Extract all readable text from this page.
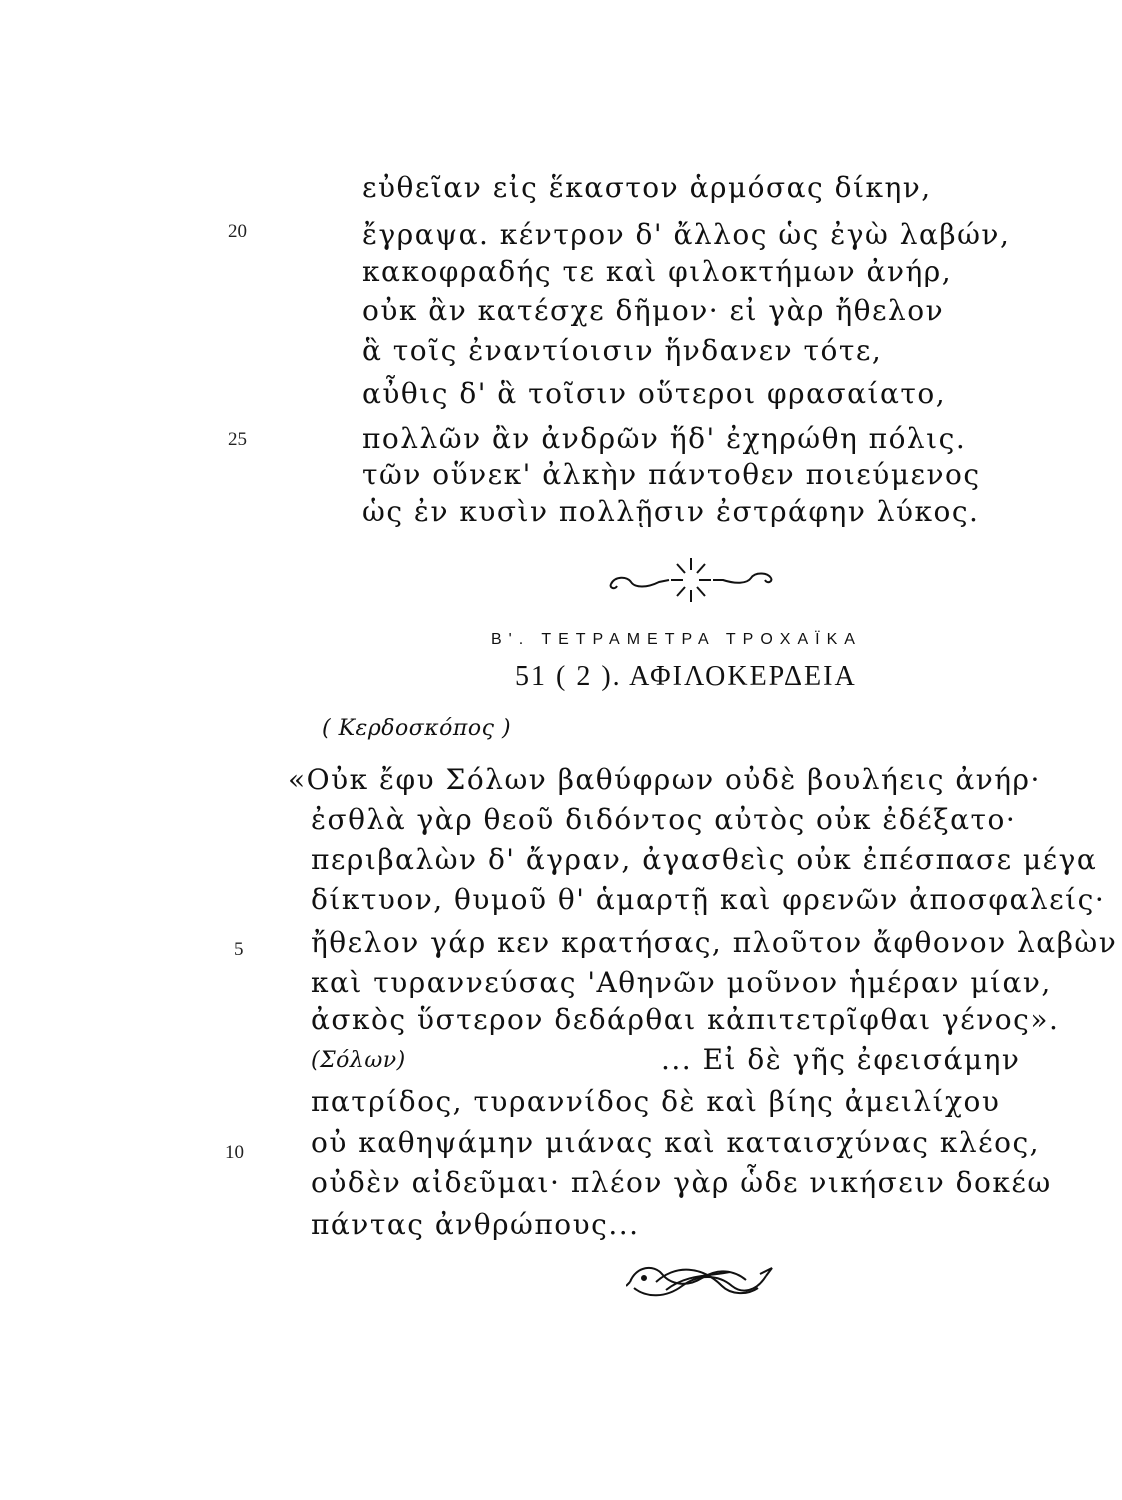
εὐθεῖαν εἰς ἕκαστον ἁρμόσας δίκην,
ἔγραψα. κέντρον δ' ἄλλος ὡς ἐγὼ λαβών,
κακοφραδής τε καὶ φιλοκτήμων ἀνήρ,
οὐκ ἂν κατέσχε δῆμον· εἰ γὰρ ἤθελον
ἃ τοῖς ἐναντίοισιν ἥνδανεν τότε,
αὖθις δ' ἃ τοῖσιν οὕτεροι φρασαίατο,
πολλῶν ἂν ἀνδρῶν ἥδ' ἐχηρώθη πόλις.
τῶν οὕνεκ' ἀλκὴν πάντοθεν ποιεύμενος
ὡς ἐν κυσὶν πολλῇσιν ἐστράφην λύκος.
20
25
Β'. ΤΕΤΡΑΜΕΤΡΑ ΤΡΟΧΑΪΚΑ
51 ( 2 ). ΑΦΙΛΟΚΕΡΔΕΙΑ
( Κερδοσκόπος )
«Οὐκ ἔφυ Σόλων βαθύφρων οὐδὲ βουλήεις ἀνήρ·
ἐσθλὰ γὰρ θεοῦ διδόντος αὐτὸς οὐκ ἐδέξατο·
περιβαλὼν δ' ἄγραν, ἀγασθεὶς οὐκ ἐπέσπασε μέγα
δίκτυον, θυμοῦ θ' ἁμαρτῇ καὶ φρενῶν ἀποσφαλείς·
ἤθελον γάρ κεν κρατήσας, πλοῦτον ἄφθονον λαβὼν
καὶ τυραννεύσας 'Αθηνῶν μοῦνον ἡμέραν μίαν,
ἀσκὸς ὕστερον δεδάρθαι κἀπιτετρῖφθαι γένος».
(Σόλων)	... Εἰ δὲ γῆς ἐφεισάμην
πατρίδος, τυραννίδος δὲ καὶ βίης ἀμειλίχου
οὐ καθηψάμην μιάνας καὶ καταισχύνας κλέος,
οὐδὲν αἰδεῦμαι· πλέον γὰρ ὧδε νικήσειν δοκέω
πάντας ἀνθρώπους...
5
10
